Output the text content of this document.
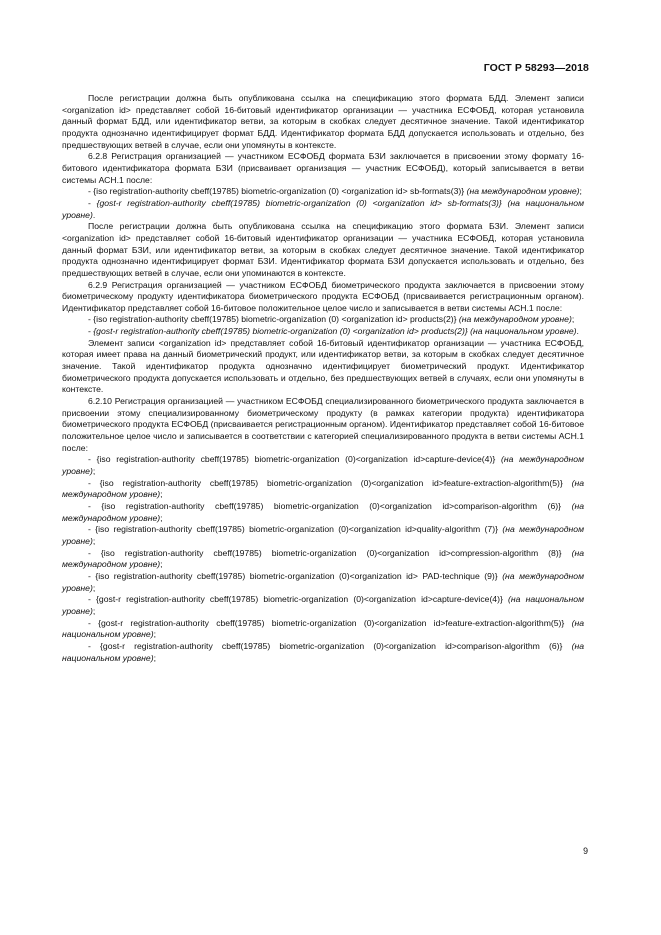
ГОСТ Р 58293—2018

После регистрации должна быть опубликована ссылка на спецификацию этого формата БДД. Элемент записи <organization id> представляет собой 16-битовый идентификатор организации — участника ЕСФОБД, которая установила данный формат БДД, или идентификатор ветви, за которым в скобках следует десятичное значение. Такой идентификатор продукта однозначно идентифицирует формат БДД. Идентификатор формата БДД допускается использовать и отдельно, без предшествующих ветвей в случае, если они упомянуты в контексте.

6.2.8 Регистрация организацией — участником ЕСФОБД формата БЗИ заключается в присвоении этому формату 16-битового идентификатора формата БЗИ (присваивает организация — участник ЕСФОБД), который записывается в ветви системы АСН.1 после:

- {iso registration-authority cbeff(19785) biometric-organization (0) <organization id> sb-formats(3)} (на международном уровне);

- {gost-r registration-authority cbeff(19785) biometric-organization (0) <organization id> sb-formats(3)} (на национальном уровне).

После регистрации должна быть опубликована ссылка на спецификацию этого формата БЗИ. Элемент записи <organization id> представляет собой 16-битовый идентификатор организации — участника ЕСФОБД, которая установила данный формат БЗИ, или идентификатор ветви, за которым в скобках следует десятичное значение. Такой идентификатор продукта однозначно идентифицирует формат БЗИ. Идентификатор формата БЗИ допускается использовать и отдельно, без предшествующих ветвей в случае, если они упоминаются в контексте.

6.2.9 Регистрация организацией — участником ЕСФОБД биометрического продукта заключается в присвоении этому биометрическому продукту идентификатора биометрического продукта ЕСФОБД (присваивается регистрационным органом). Идентификатор представляет собой 16-битовое положительное целое число и записывается в ветви системы АСН.1 после:

- {iso registration-authority cbeff(19785) biometric-organization (0) <organization id> products(2)} (на международном уровне);

- {gost-r registration-authority cbeff(19785) biometric-organization (0) <organization id> products(2)} (на национальном уровне).

Элемент записи <organization id> представляет собой 16-битовый идентификатор организации — участника ЕСФОБД, которая имеет права на данный биометрический продукт, или идентификатор ветви, за которым в скобках следует десятичное значение. Такой идентификатор продукта однозначно идентифицирует биометрический продукт. Идентификатор биометрического продукта допускается использовать и отдельно, без предшествующих ветвей в случаях, если они упомянуты в контексте.

6.2.10 Регистрация организацией — участником ЕСФОБД специализированного биометрического продукта заключается в присвоении этому специализированному биометрическому продукту (в рамках категории продукта) идентификатора биометрического продукта ЕСФОБД (присваивается регистрационным органом). Идентификатор представляет собой 16-битовое положительное целое число и записывается в соответствии с категорией специализированного продукта в ветви системы АСН.1 после:

- {iso registration-authority cbeff(19785) biometric-organization (0)<organization id>capture-device(4)} (на международном уровне);

- {iso registration-authority cbeff(19785) biometric-organization (0)<organization id>feature-extraction-algorithm(5)} (на международном уровне);

- {iso registration-authority cbeff(19785) biometric-organization (0)<organization id>comparison-algorithm (6)} (на международном уровне);

- {iso registration-authority cbeff(19785) biometric-organization (0)<organization id>quality-algorithm (7)} (на международном уровне);

- {iso registration-authority cbeff(19785) biometric-organization (0)<organization id>compression-algorithm (8)} (на международном уровне);

- {iso registration-authority cbeff(19785) biometric-organization (0)<organization id> PAD-technique (9)} (на международном уровне);

- {gost-r registration-authority cbeff(19785) biometric-organization (0)<organization id>capture-device(4)} (на национальном уровне);

- {gost-r registration-authority cbeff(19785) biometric-organization (0)<organization id>feature-extraction-algorithm(5)} (на национальном уровне);

- {gost-r registration-authority cbeff(19785) biometric-organization (0)<organization id>comparison-algorithm (6)} (на национальном уровне);

9
